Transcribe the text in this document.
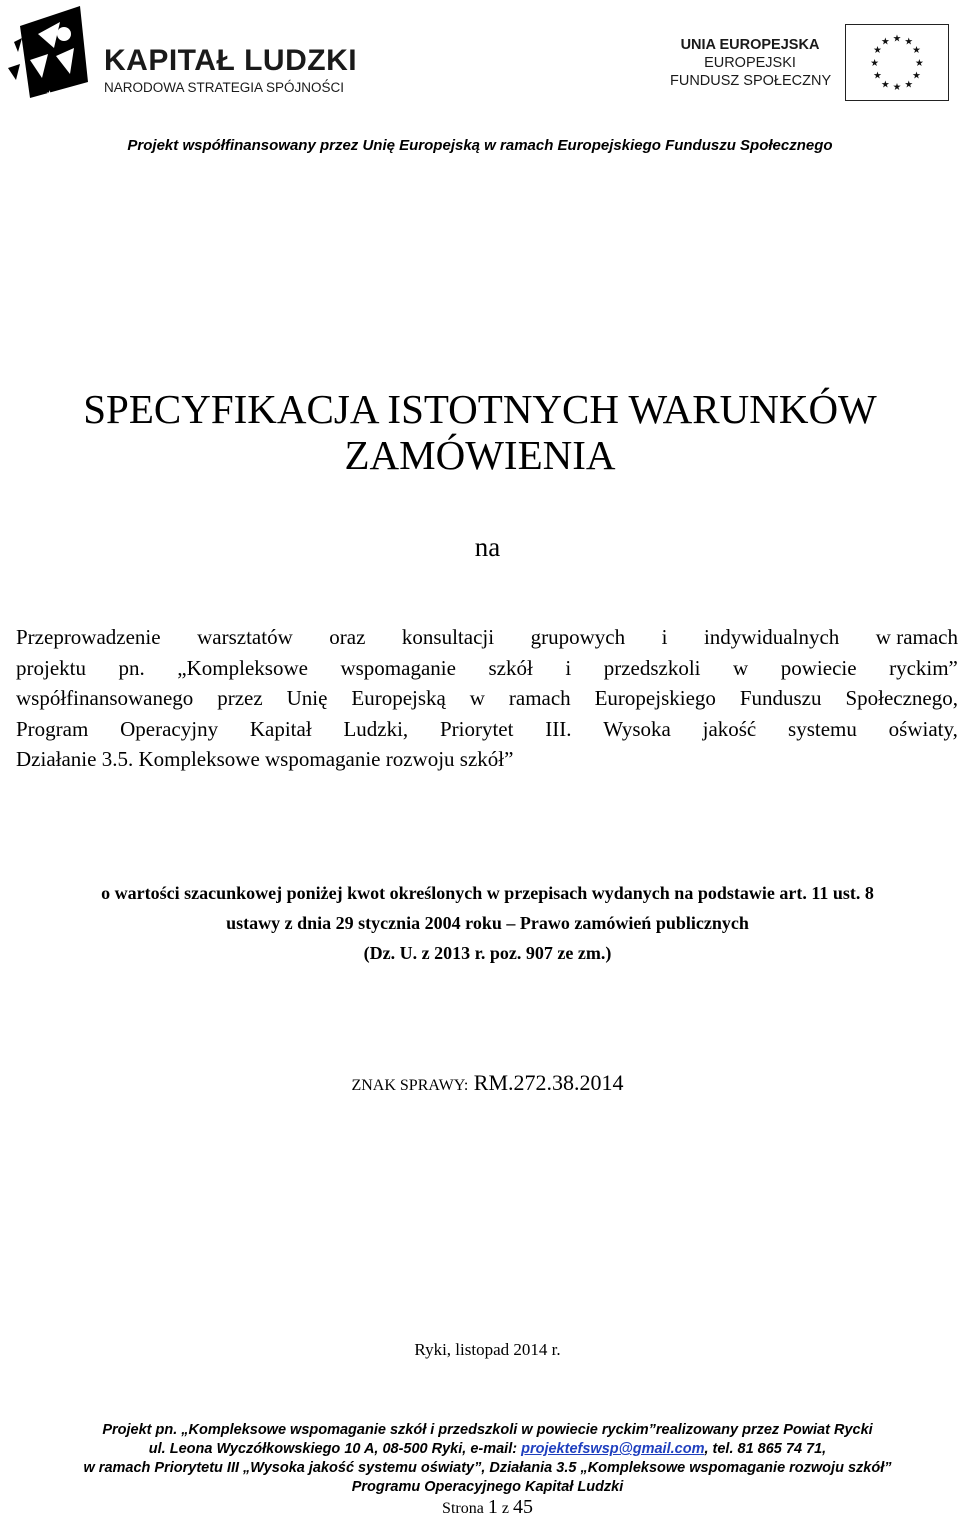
★ ★
KAPITAŁ LUDZKI
NARODOWA STRATEGIA SPÓJNOŚCI
UNIA EUROPEJSKA
EUROPEJSKI
FUNDUSZ SPOŁECZNY
★ ★
★
★
★
★
★
★
★
★
★
★
Projekt współfinansowany przez Unię Europejską w ramach Europejskiego Funduszu Społecznego
SPECYFIKACJA ISTOTNYCH WARUNKÓW
ZAMÓWIENIA
na
Przeprowadzenie warsztatów oraz konsultacji grupowych i indywidualnych w ramach
projektu pn. „Kompleksowe wspomaganie szkół i przedszkoli w powiecie ryckim”
współfinansowanego przez Unię Europejską w ramach Europejskiego Funduszu Społecznego,
Program Operacyjny Kapitał Ludzki, Priorytet III. Wysoka jakość systemu oświaty,
Działanie 3.5. Kompleksowe wspomaganie rozwoju szkół”
o wartości szacunkowej poniżej kwot określonych w przepisach wydanych na podstawie art. 11 ust. 8
ustawy z dnia 29 stycznia 2004 roku – Prawo zamówień publicznych
(Dz. U. z 2013 r. poz. 907 ze zm.)
ZNAK SPRAWY: RM.272.38.2014
Ryki, listopad 2014 r.
Projekt pn. „Kompleksowe wspomaganie szkół i przedszkoli w powiecie ryckim”realizowany przez Powiat Rycki
ul. Leona Wyczółkowskiego 10 A, 08-500 Ryki, e-mail: projektefswsp@gmail.com, tel. 81 865 74 71,
w ramach Priorytetu III „Wysoka jakość systemu oświaty”, Działania 3.5 „Kompleksowe wspomaganie rozwoju szkół”
Programu Operacyjnego Kapitał Ludzki
Strona 1 z 45
